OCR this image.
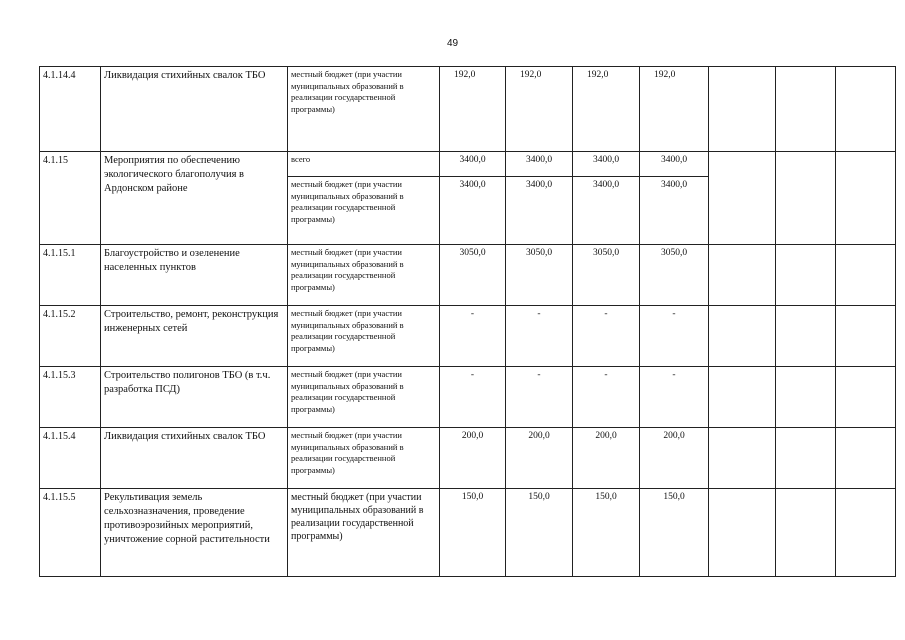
49
4.1.14.4	Ликвидация стихийных свалок ТБО	местный бюджет (при участии муниципальных образований в реализации государственной программы)	192,0	192,0	192,0	192,0			
4.1.15	Мероприятия по обеспечению экологического благополучия в Ардонском районе	всего	3400,0	3400,0	3400,0	3400,0			
		местный бюджет (при участии муниципальных образований в реализации государственной программы)	3400,0	3400,0	3400,0	3400,0			
4.1.15.1	Благоустройство и озеленение населенных пунктов	местный бюджет (при участии муниципальных образований в реализации государственной программы)	3050,0	3050,0	3050,0	3050,0			
4.1.15.2	Строительство, ремонт, реконструкция инженерных сетей	местный бюджет (при участии муниципальных образований в реализации государственной программы)	-	-	-	-			
4.1.15.3	Строительство полигонов ТБО (в т.ч. разработка ПСД)	местный бюджет (при участии муниципальных образований в реализации государственной программы)	-	-	-	-			
4.1.15.4	Ликвидация стихийных свалок ТБО	местный бюджет (при участии муниципальных образований в реализации государственной программы)	200,0	200,0	200,0	200,0			
4.1.15.5	Рекультивация земель сельхозназначения, проведение противоэрозийных мероприятий, уничтожение сорной растительности	местный бюджет (при участии муниципальных образований в реализации государственной программы)	150,0	150,0	150,0	150,0			
